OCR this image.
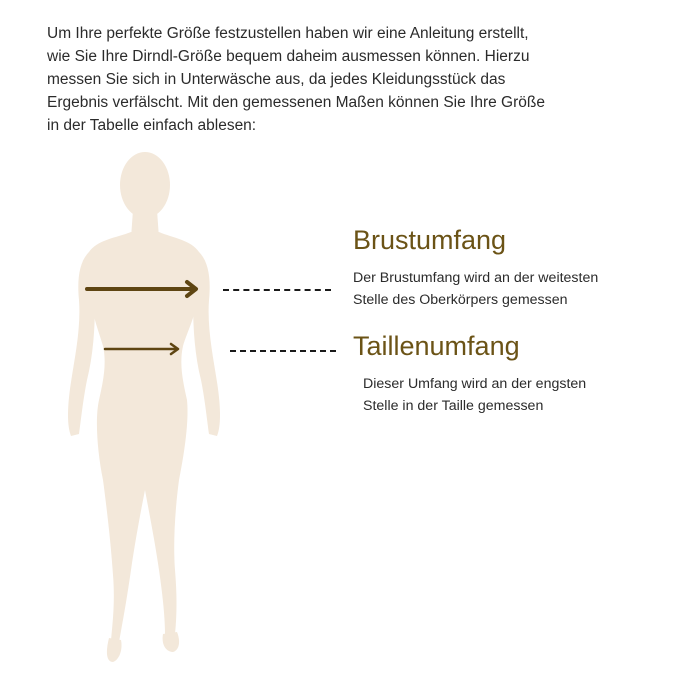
Um Ihre perfekte Größe festzustellen haben wir eine Anleitung erstellt,
wie Sie Ihre Dirndl-Größe bequem daheim ausmessen können. Hierzu
messen Sie sich in Unterwäsche aus, da jedes Kleidungsstück das
Ergebnis verfälscht. Mit den gemessenen Maßen können Sie Ihre Größe
in der Tabelle einfach ablesen:

Brustumfang

Der Brustumfang wird an der weitesten
Stelle des Oberkörpers gemessen

Taillenumfang

Dieser Umfang wird an der engsten
Stelle in der Taille gemessen
